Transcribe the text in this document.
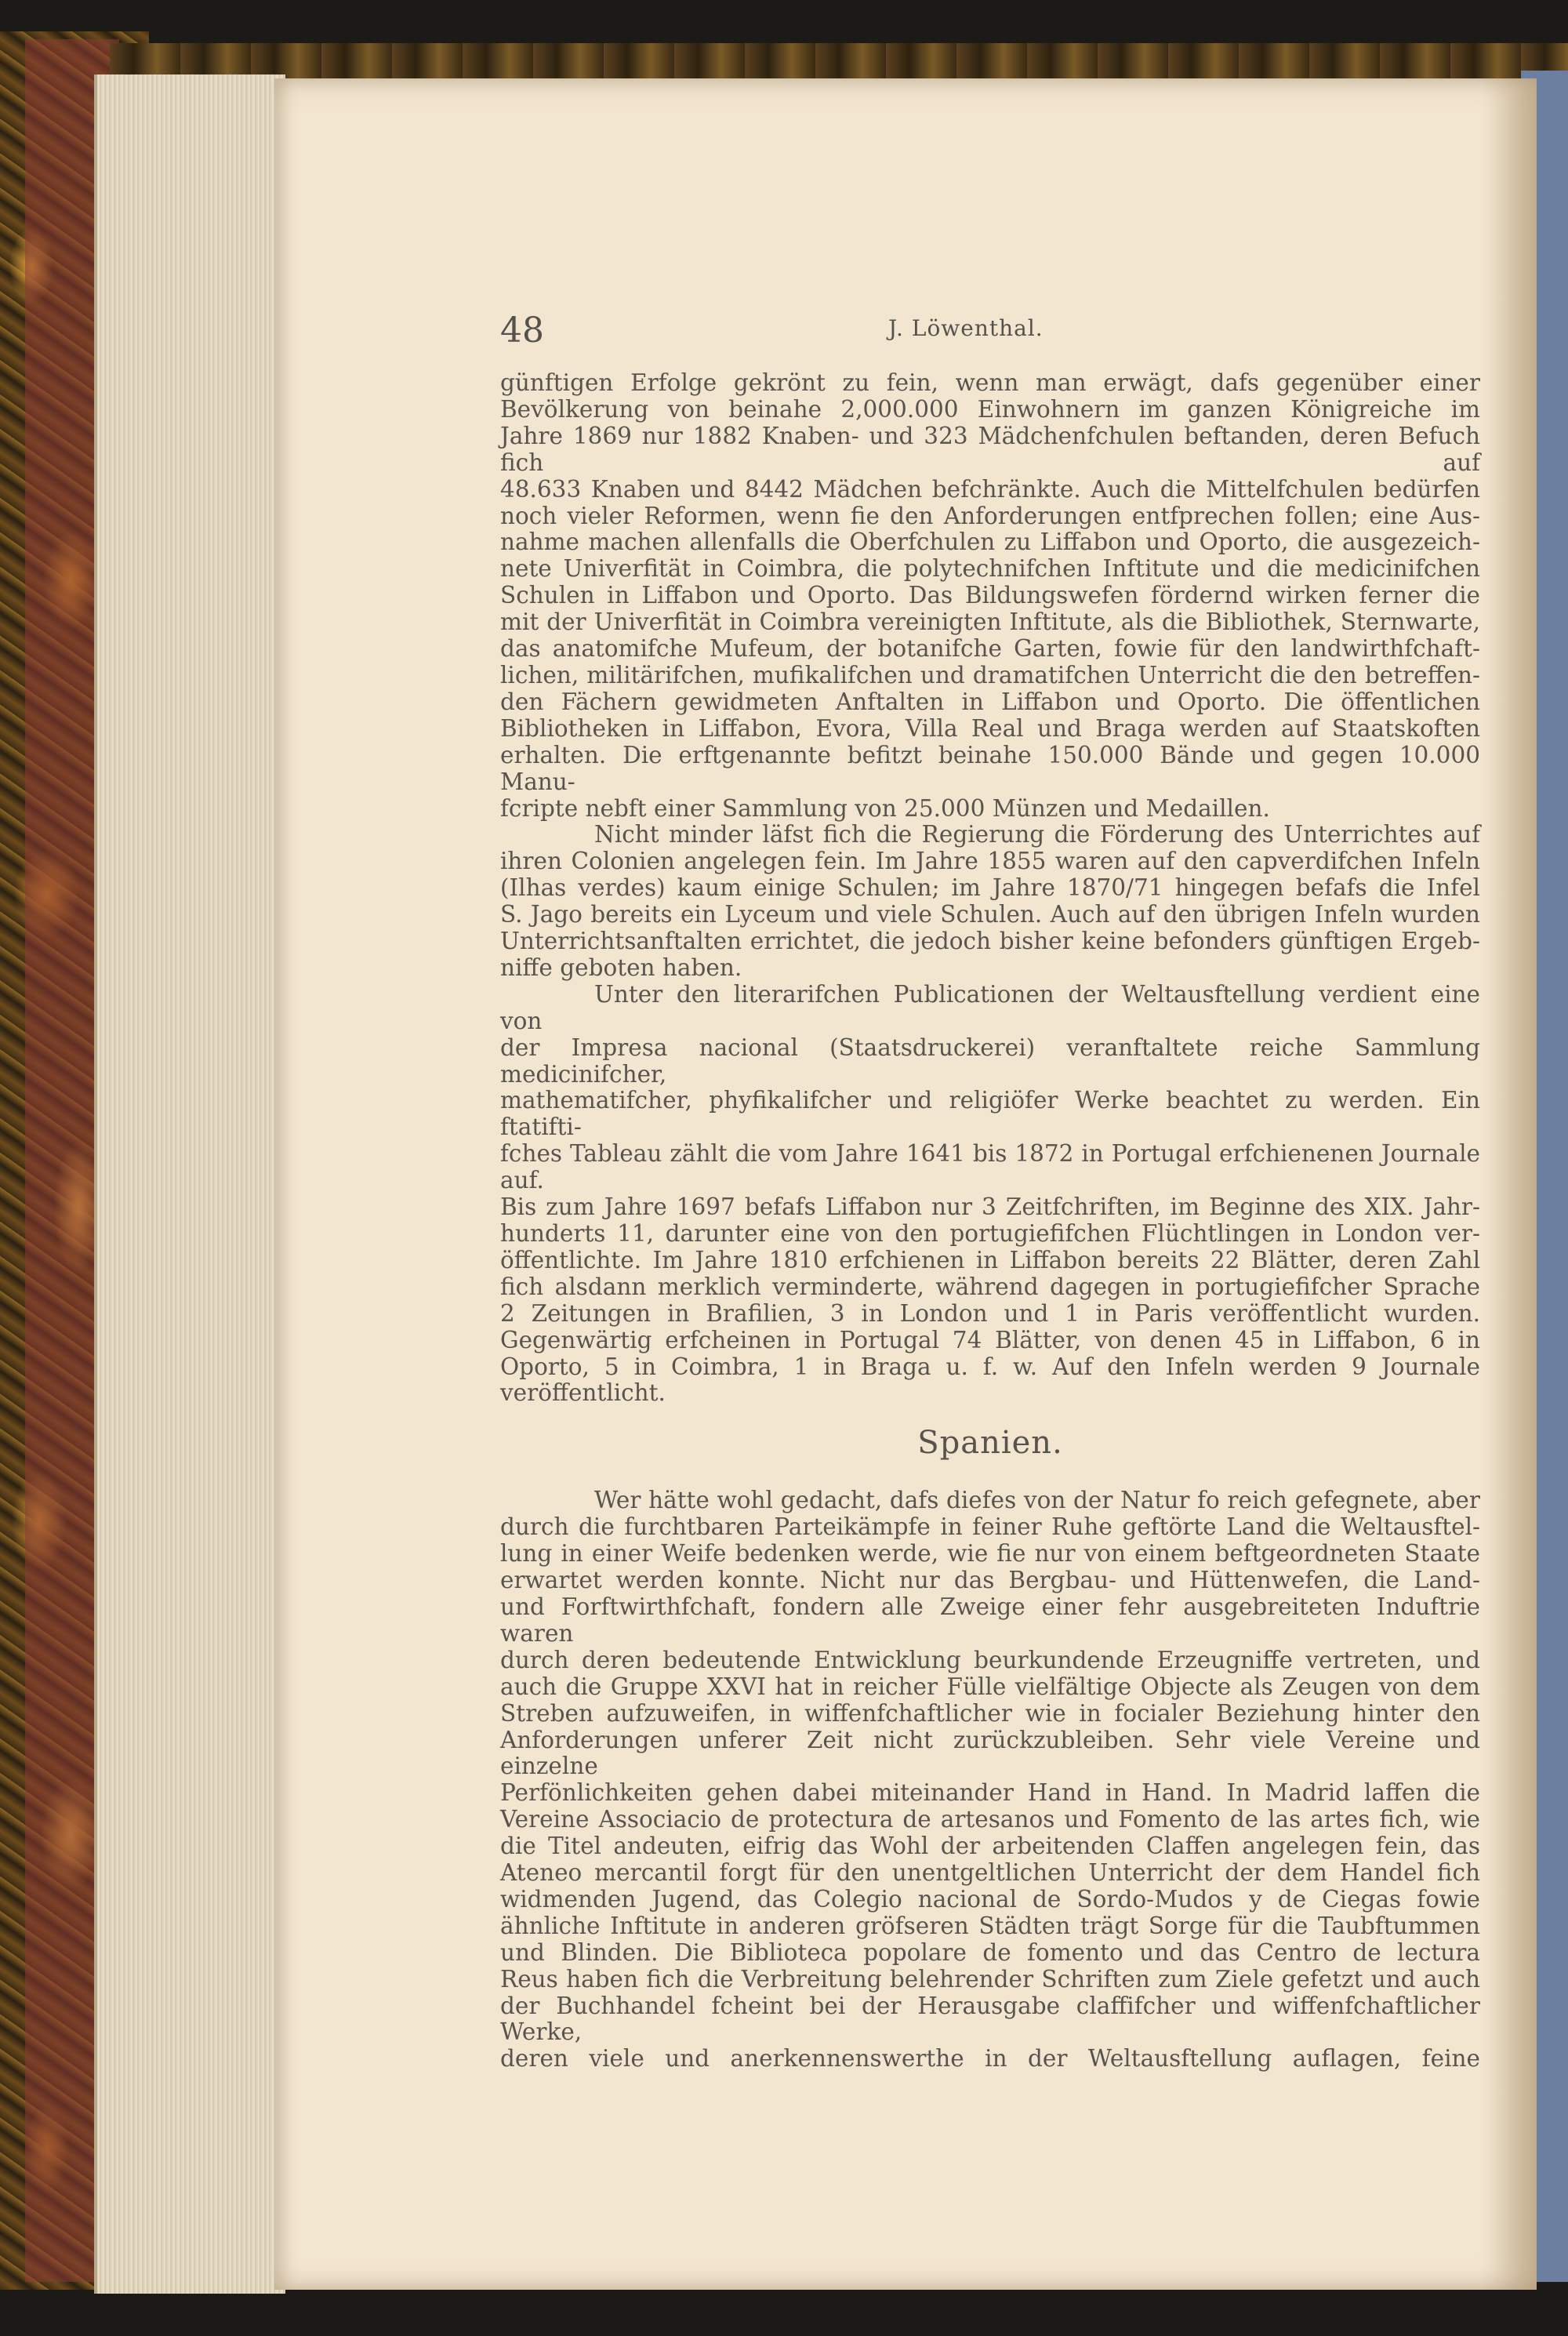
48	J. Löwenthal.

günftigen Erfolge gekrönt zu fein, wenn man erwägt, dafs gegenüber einer

Bevölkerung von beinahe 2,000.000 Einwohnern im ganzen Königreiche im

Jahre 1869 nur 1882 Knaben- und 323 Mädchenfchulen beftanden, deren Befuch fich auf

48.633 Knaben und 8442 Mädchen befchränkte. Auch die Mittelfchulen bedürfen

noch vieler Reformen, wenn fie den Anforderungen entfprechen follen; eine Aus-

nahme machen allenfalls die Oberfchulen zu Liffabon und Oporto, die ausgezeich-

nete Univerfität in Coimbra, die polytechnifchen Inftitute und die medicinifchen

Schulen in Liffabon und Oporto. Das Bildungswefen fördernd wirken ferner die

mit der Univerfität in Coimbra vereinigten Inftitute, als die Bibliothek, Sternwarte,

das anatomifche Mufeum, der botanifche Garten, fowie für den landwirthfchaft-

lichen, militärifchen, mufikalifchen und dramatifchen Unterricht die den betreffen-

den Fächern gewidmeten Anftalten in Liffabon und Oporto. Die öffentlichen

Bibliotheken in Liffabon, Evora, Villa Real und Braga werden auf Staatskoften

erhalten. Die erftgenannte befitzt beinahe 150.000 Bände und gegen 10.000 Manu-

fcripte nebft einer Sammlung von 25.000 Münzen und Medaillen.

Nicht minder läfst fich die Regierung die Förderung des Unterrichtes auf

ihren Colonien angelegen fein. Im Jahre 1855 waren auf den capverdifchen Infeln

(Ilhas verdes) kaum einige Schulen; im Jahre 1870/71 hingegen befafs die Infel

S. Jago bereits ein Lyceum und viele Schulen. Auch auf den übrigen Infeln wurden

Unterrichtsanftalten errichtet, die jedoch bisher keine befonders günftigen Ergeb-

niffe geboten haben.

Unter den literarifchen Publicationen der Weltausftellung verdient eine von

der Impresa nacional (Staatsdruckerei) veranftaltete reiche Sammlung medicinifcher,

mathematifcher, phyfikalifcher und religiöfer Werke beachtet zu werden. Ein ftatifti-

fches Tableau zählt die vom Jahre 1641 bis 1872 in Portugal erfchienenen Journale auf.

Bis zum Jahre 1697 befafs Liffabon nur 3 Zeitfchriften, im Beginne des XIX. Jahr-

hunderts 11, darunter eine von den portugiefifchen Flüchtlingen in London ver-

öffentlichte. Im Jahre 1810 erfchienen in Liffabon bereits 22 Blätter, deren Zahl

fich alsdann merklich verminderte, während dagegen in portugiefifcher Sprache

2 Zeitungen in Brafilien, 3 in London und 1 in Paris veröffentlicht wurden.

Gegenwärtig erfcheinen in Portugal 74 Blätter, von denen 45 in Liffabon, 6 in

Oporto, 5 in Coimbra, 1 in Braga u. f. w. Auf den Infeln werden 9 Journale

veröffentlicht.

Spanien.

Wer hätte wohl gedacht, dafs diefes von der Natur fo reich gefegnete, aber

durch die furchtbaren Parteikämpfe in feiner Ruhe geftörte Land die Weltausftel-

lung in einer Weife bedenken werde, wie fie nur von einem beftgeordneten Staate

erwartet werden konnte. Nicht nur das Bergbau- und Hüttenwefen, die Land-

und Forftwirthfchaft, fondern alle Zweige einer fehr ausgebreiteten Induftrie waren

durch deren bedeutende Entwicklung beurkundende Erzeugniffe vertreten, und

auch die Gruppe XXVI hat in reicher Fülle vielfältige Objecte als Zeugen von dem

Streben aufzuweifen, in wiffenfchaftlicher wie in focialer Beziehung hinter den

Anforderungen unferer Zeit nicht zurückzubleiben. Sehr viele Vereine und einzelne

Perfönlichkeiten gehen dabei miteinander Hand in Hand. In Madrid laffen die

Vereine Associacio de protectura de artesanos und Fomento de las artes fich, wie

die Titel andeuten, eifrig das Wohl der arbeitenden Claffen angelegen fein, das

Ateneo mercantil forgt für den unentgeltlichen Unterricht der dem Handel fich

widmenden Jugend, das Colegio nacional de Sordo-Mudos y de Ciegas fowie

ähnliche Inftitute in anderen gröfseren Städten trägt Sorge für die Taubftummen

und Blinden. Die Biblioteca popolare de fomento und das Centro de lectura

Reus haben fich die Verbreitung belehrender Schriften zum Ziele gefetzt und auch

der Buchhandel fcheint bei der Herausgabe claffifcher und wiffenfchaftlicher Werke,

deren viele und anerkennenswerthe in der Weltausftellung auflagen, feine
